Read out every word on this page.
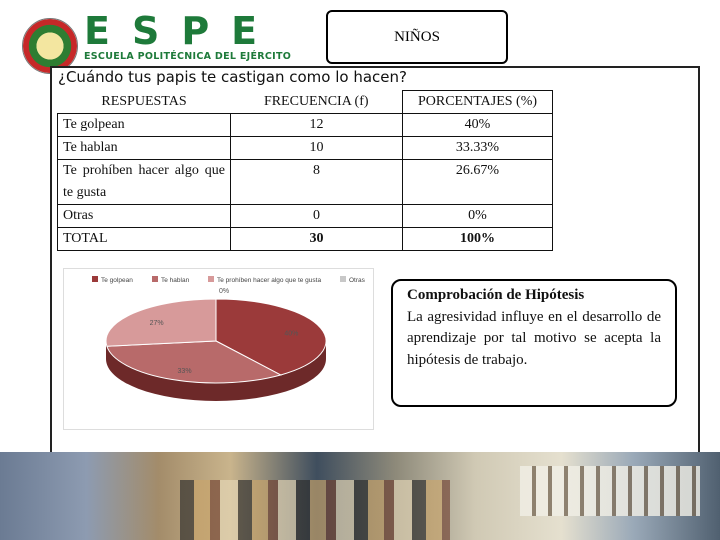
ESPE
ESCUELA POLITÉCNICA DEL EJÉRCITO
NIÑOS
¿Cuándo tus papis te castigan como lo hacen?
RESPUESTAS	FRECUENCIA (f)	PORCENTAJES (%)
Te golpean	12	40%
Te hablan	10	33.33%
Te prohíben hacer algo que te gusta	8	26.67%
Otras	0	0%
TOTAL	30	100%
Te golpean	Te hablan	Te prohíben hacer algo que te gusta	Otras
40%
33%
27%
0%	Comprobación de Hipótesis
La agresividad influye en el desarrollo de aprendizaje por tal motivo se acepta la hipótesis de trabajo.
